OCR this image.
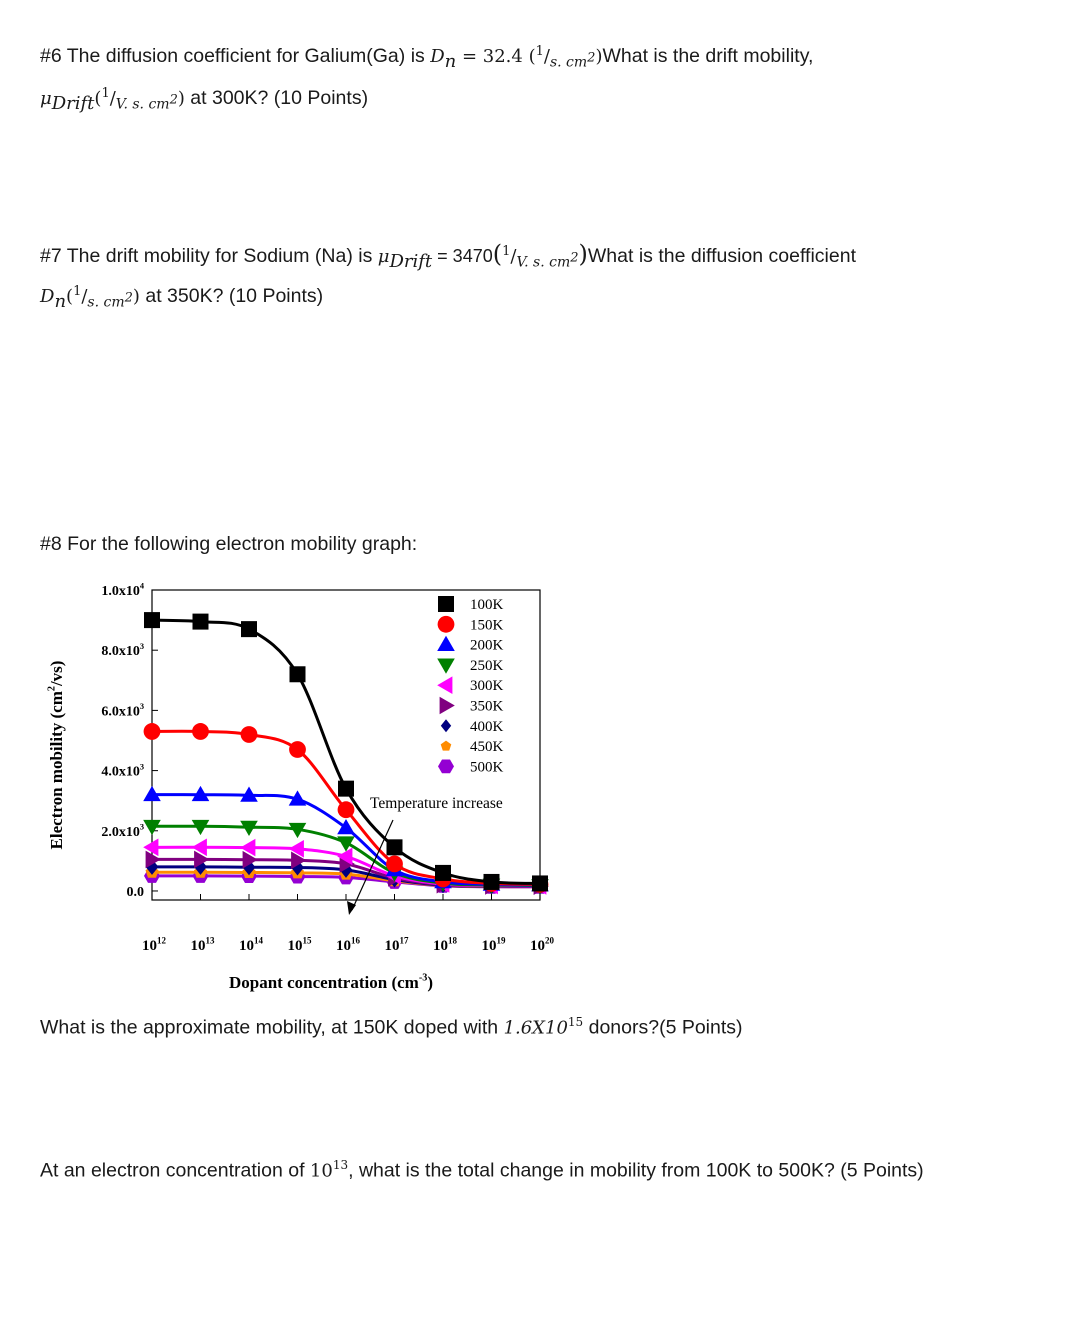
#6 The diffusion coefficient for Galium(Ga) is $D_n = 32.4$ $(^1/_{s. cm^2})What$ is the drift mobility,
$\mu_{Drift}(^1/_{V. s. cm^2})$ at 300K? (10 Points)
#7 The drift mobility for Sodium (Na) is $\mu_{Drift}$ = $3470(^1/_{V. s. cm^2})What$ is the diffusion coefficient
$D_n(^1/_{s. cm^2})$ at 350K? (10 Points)
#8 For the following electron mobility graph:
0.0
$2.0x10^3$
$4.0x10^3$
$6.0x10^3$
$8.0x10^3$
$1.0x10^4$
$10^{12}$ $10^{13}$ $10^{14}$ $10^{15}$ $10^{16}$ $10^{17}$ $10^{18}$ $10^{19}$ $10^{20}$
Dopant concentration $(cm^{-3})$
Electron mobility $(cm^2/vs)$
100K
150K
200K
250K
300K
350K
400K
450K
500K
Temperature increase
What is the approximate mobility, at 150K doped with $1.6X10^{15}$ donors?(5 Points)
At an electron concentration of $10^{13}$, what is the total change in mobility from 100K to 500K? (5 Points)
